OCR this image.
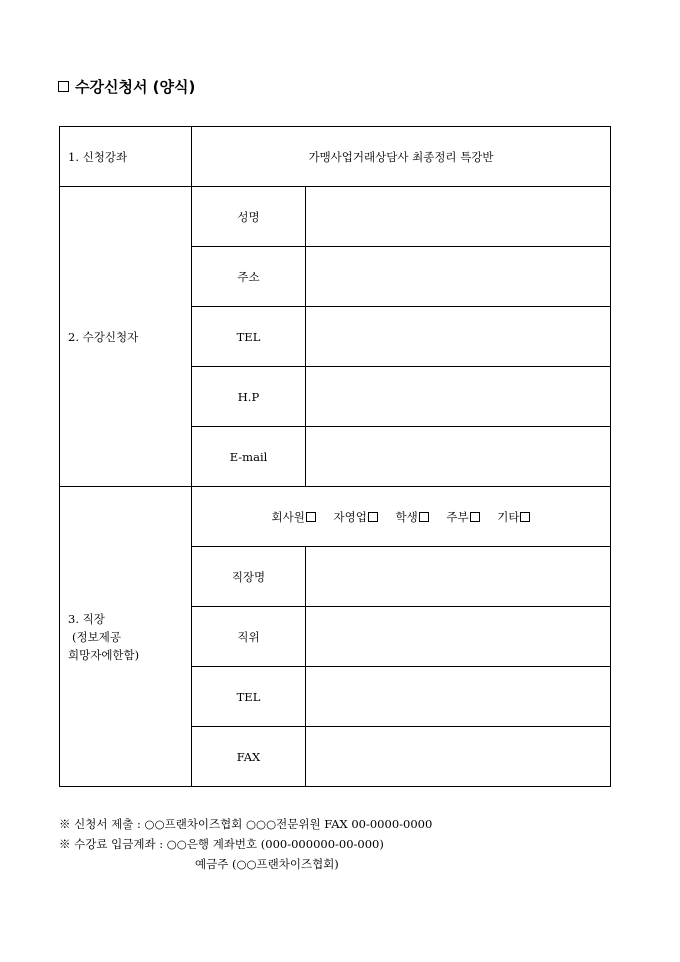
수강신청서 (양식)
1. 신청강좌	가맹사업거래상담사 최종정리 특강반	
2. 수강신청자	성명	
	주소	
	TEL	
	H.P	
	E-mail	

3. 직장
(정보제공
희망자에한함)	회사원 자영업 학생 주부 기타	
	직장명	
	직위	
	TEL	
	FAX	
※ 신청서 제출 : ○○프랜차이즈협회 ○○○전문위원 FAX 00-0000-0000
※ 수강료 입금계좌 : ○○은행 계좌번호 (000-000000-00-000)
예금주 (○○프랜차이즈협회)
